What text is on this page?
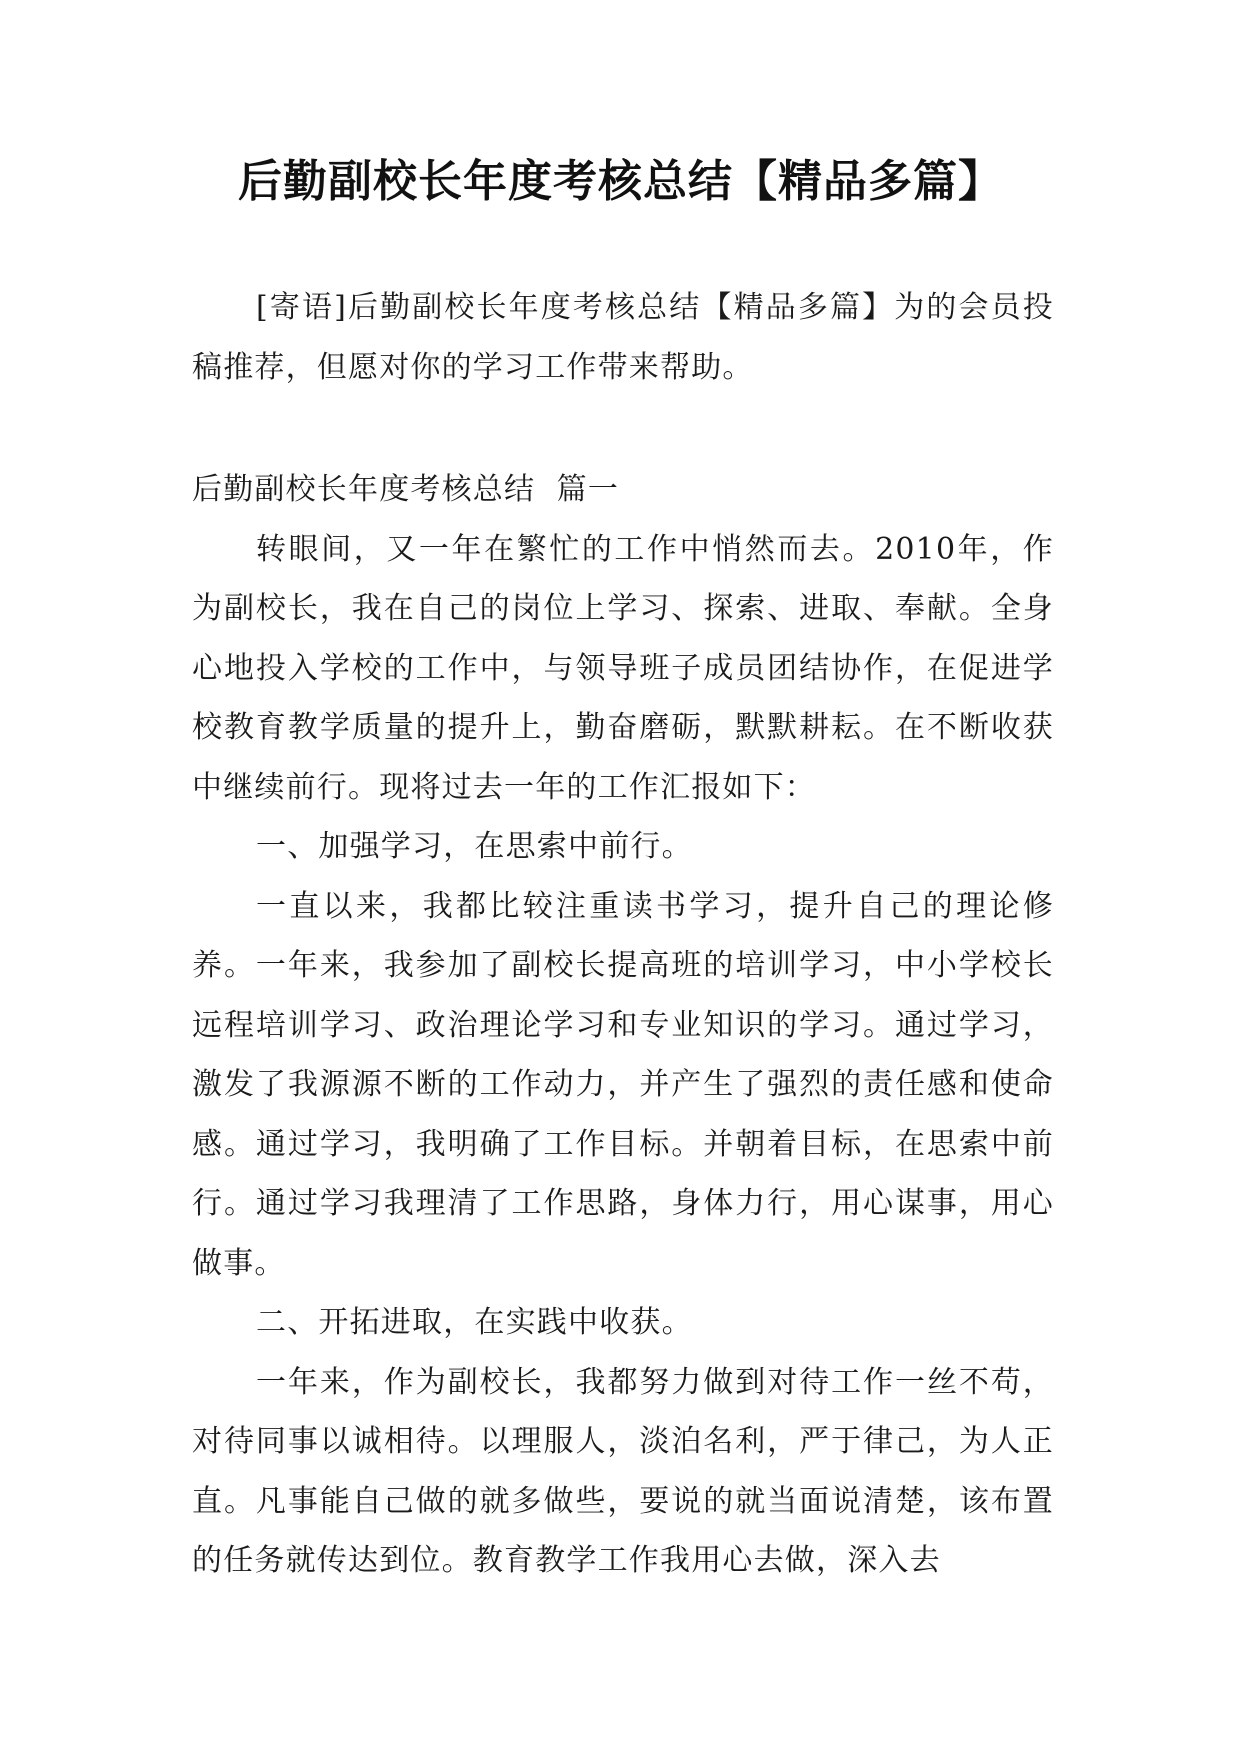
后勤副校长年度考核总结【精品多篇】

[寄语]后勤副校长年度考核总结【精品多篇】为的会员投稿推荐，但愿对你的学习工作带来帮助。

后勤副校长年度考核总结  篇一

转眼间，又一年在繁忙的工作中悄然而去。2010年，作为副校长，我在自己的岗位上学习、探索、进取、奉献。全身心地投入学校的工作中，与领导班子成员团结协作，在促进学校教育教学质量的提升上，勤奋磨砺，默默耕耘。在不断收获中继续前行。现将过去一年的工作汇报如下：

一、加强学习，在思索中前行。

一直以来，我都比较注重读书学习，提升自己的理论修养。一年来，我参加了副校长提高班的培训学习，中小学校长远程培训学习、政治理论学习和专业知识的学习。通过学习，激发了我源源不断的工作动力，并产生了强烈的责任感和使命感。通过学习，我明确了工作目标。并朝着目标，在思索中前行。通过学习我理清了工作思路，身体力行，用心谋事，用心做事。

二、开拓进取，在实践中收获。

一年来，作为副校长，我都努力做到对待工作一丝不苟，对待同事以诚相待。以理服人，淡泊名利，严于律己，为人正直。凡事能自己做的就多做些，要说的就当面说清楚，该布置的任务就传达到位。教育教学工作我用心去做，深入去
